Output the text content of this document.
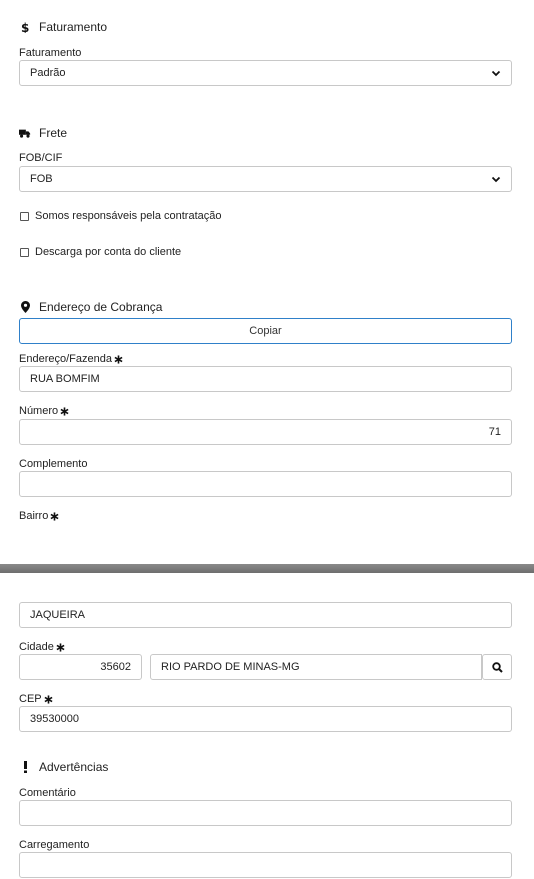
$ Faturamento
Faturamento
Padrão
Frete
FOB/CIF
FOB
Somos responsáveis pela contratação
Descarga por conta do cliente
Endereço de Cobrança
Copiar
Endereço/Fazenda
RUA BOMFIM
Número
71
Complemento
Bairro
JAQUEIRA
Cidade
35602	RIO PARDO DE MINAS-MG
CEP
39530000
Advertências
Comentário
Carregamento
